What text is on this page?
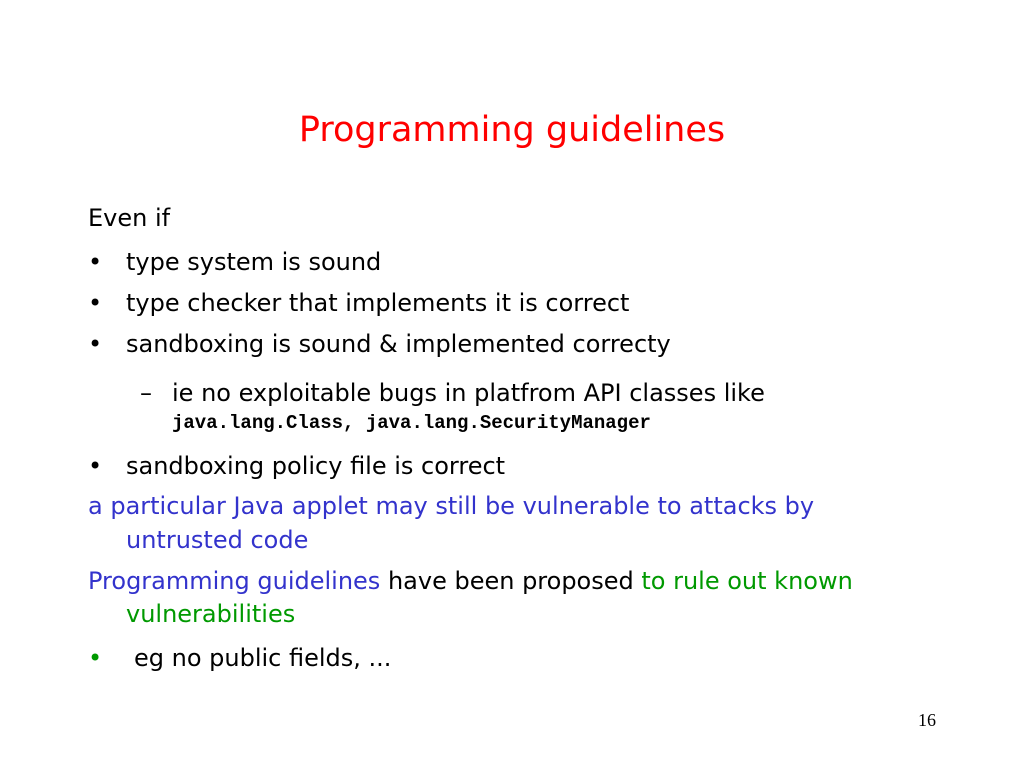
Programming guidelines

Even if

• type system is sound

• type checker that implements it is correct

• sandboxing is sound & implemented correcty

– ie no exploitable bugs in platfrom API classes like

java.lang.Class, java.lang.SecurityManager

• sandboxing policy file is correct

a particular Java applet may still be vulnerable to attacks by

untrusted code

Programming guidelines have been proposed to rule out known

vulnerabilities

• eg no public fields, ...

16
